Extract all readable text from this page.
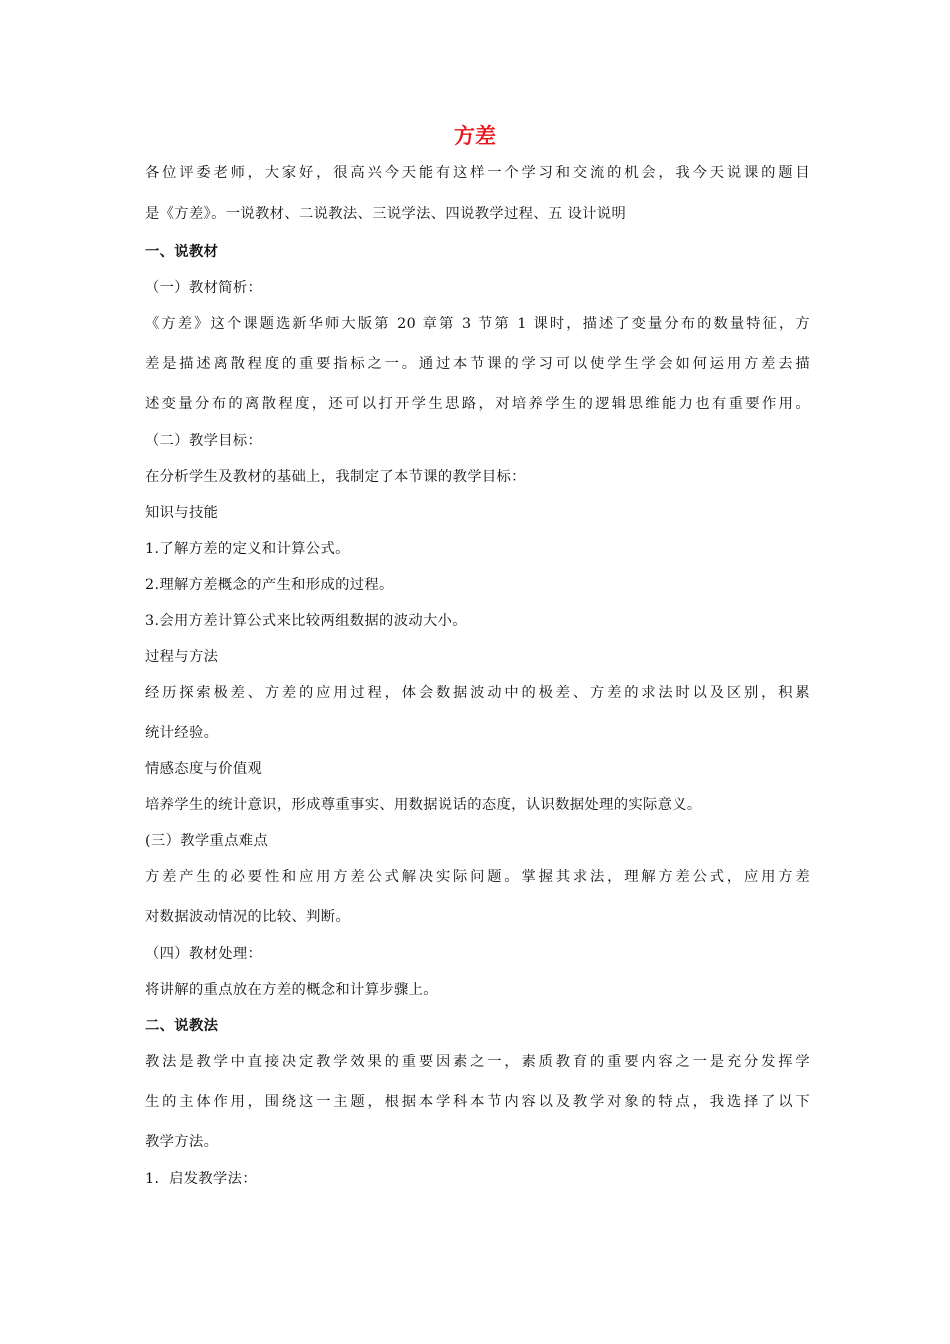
方差
各位评委老师，大家好，很高兴今天能有这样一个学习和交流的机会，我今天说课的题目
是《方差》。一说教材、二说教法、三说学法、四说教学过程、五 设计说明
一、说教材
（一）教材简析：
《方差》这个课题选新华师大版第 20 章第 3 节第 1 课时，描述了变量分布的数量特征，方
差是描述离散程度的重要指标之一。通过本节课的学习可以使学生学会如何运用方差去描
述变量分布的离散程度，还可以打开学生思路，对培养学生的逻辑思维能力也有重要作用。
（二）教学目标：
在分析学生及教材的基础上，我制定了本节课的教学目标：
知识与技能
1.了解方差的定义和计算公式。
2.理解方差概念的产生和形成的过程。
3.会用方差计算公式来比较两组数据的波动大小。
过程与方法
经历探索极差、方差的应用过程，体会数据波动中的极差、方差的求法时以及区别，积累
统计经验。
情感态度与价值观
培养学生的统计意识，形成尊重事实、用数据说话的态度，认识数据处理的实际意义。
(三）教学重点难点
方差产生的必要性和应用方差公式解决实际问题。掌握其求法，理解方差公式，应用方差
对数据波动情况的比较、判断。
（四）教材处理：
将讲解的重点放在方差的概念和计算步骤上。
二、说教法
教法是教学中直接决定教学效果的重要因素之一，素质教育的重要内容之一是充分发挥学
生的主体作用，围绕这一主题，根据本学科本节内容以及教学对象的特点，我选择了以下
教学方法。
1．启发教学法：
